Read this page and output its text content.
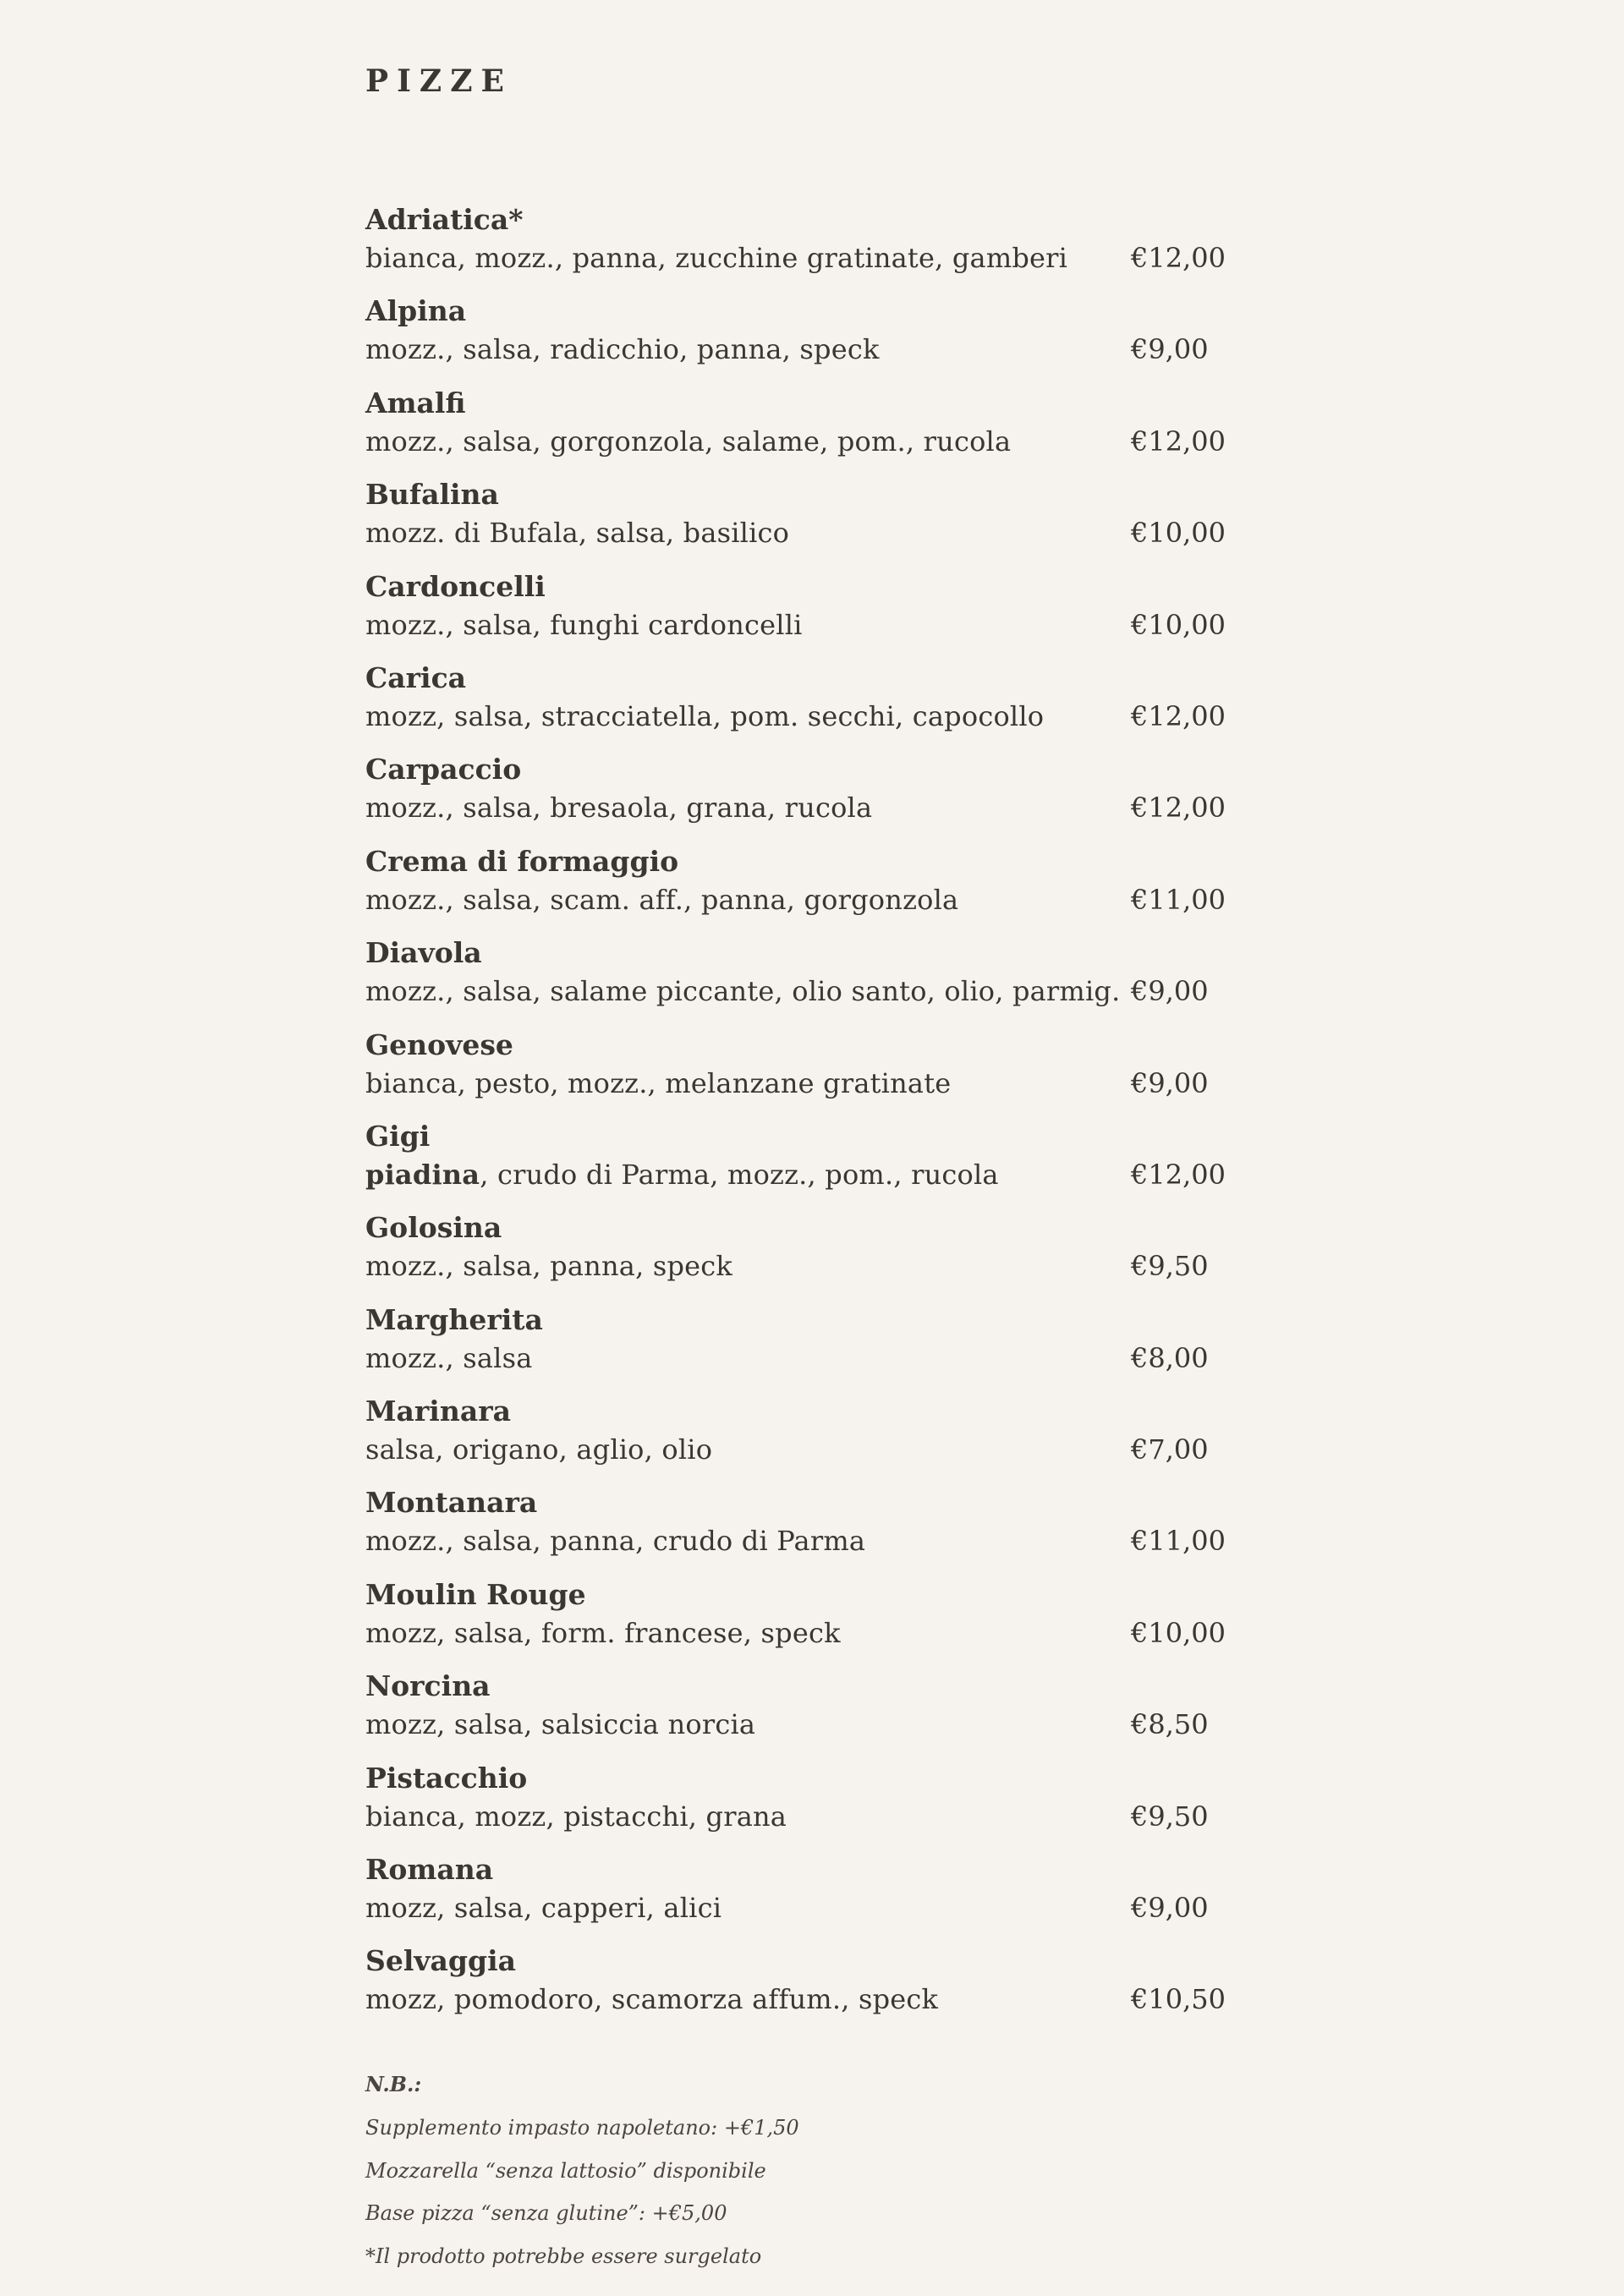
PIZZE
Adriatica*
bianca, mozz., panna, zucchine gratinate, gamberi €12,00
Alpina
mozz., salsa, radicchio, panna, speck	€9,00
Amalfi
mozz., salsa, gorgonzola, salame, pom., rucola	€12,00
Bufalina
mozz. di Bufala, salsa, basilico	€10,00
Cardoncelli
mozz., salsa, funghi cardoncelli	€10,00
Carica
mozz, salsa, stracciatella, pom. secchi, capocollo	€12,00
Carpaccio
mozz., salsa, bresaola, grana, rucola	€12,00
Crema di formaggio
mozz., salsa, scam. aff., panna, gorgonzola	€11,00
Diavola
mozz., salsa, salame piccante, olio santo, olio, parmig. €9,00
Genovese
bianca, pesto, mozz., melanzane gratinate	€9,00
Gigi
piadina, crudo di Parma, mozz., pom., rucola	€12,00
Golosina
mozz., salsa, panna, speck	€9,50
Margherita
mozz., salsa	€8,00
Marinara
salsa, origano, aglio, olio	€7,00
Montanara
mozz., salsa, panna, crudo di Parma	€11,00
Moulin Rouge
mozz, salsa, form. francese, speck	€10,00
Norcina
mozz, salsa, salsiccia norcia	€8,50
Pistacchio
bianca, mozz, pistacchi, grana	€9,50
Romana
mozz, salsa, capperi, alici	€9,00
Selvaggia
mozz, pomodoro, scamorza affum., speck	€10,50
N.B.:
Supplemento impasto napoletano: +€1,50
Mozzarella “senza lattosio” disponibile
Base pizza “senza glutine”: +€5,00
*Il prodotto potrebbe essere surgelato
